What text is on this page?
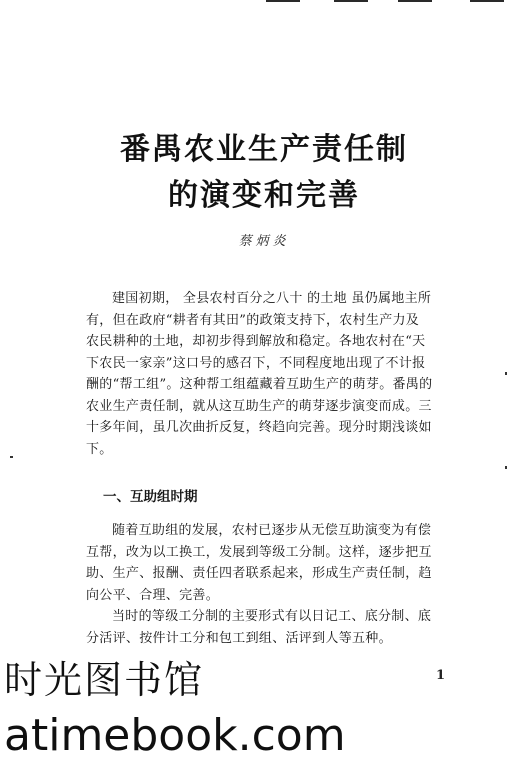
番禺农业生产责任制
的演变和完善
蔡炳炎
建国初期， 全县农村百分之八十 的土地 虽仍属地主所
有，但在政府“耕者有其田”的政策支持下，农村生产力及
农民耕种的土地，却初步得到解放和稳定。各地农村在“天
下农民一家亲”这口号的感召下，不同程度地出现了不计报
酬的“帮工组”。这种帮工组蕴藏着互助生产的萌芽。番禺的
农业生产责任制，就从这互助生产的萌芽逐步演变而成。三
十多年间，虽几次曲折反复，终趋向完善。现分时期浅谈如
下。
一、互助组时期
随着互助组的发展，农村已逐步从无偿互助演变为有偿
互帮，改为以工换工，发展到等级工分制。这样，逐步把互
助、生产、报酬、责任四者联系起来，形成生产责任制，趋
向公平、合理、完善。
当时的等级工分制的主要形式有以日记工、底分制、底
分活评、按件计工分和包工到组、活评到人等五种。
1
时光图书馆
atimebook.com
